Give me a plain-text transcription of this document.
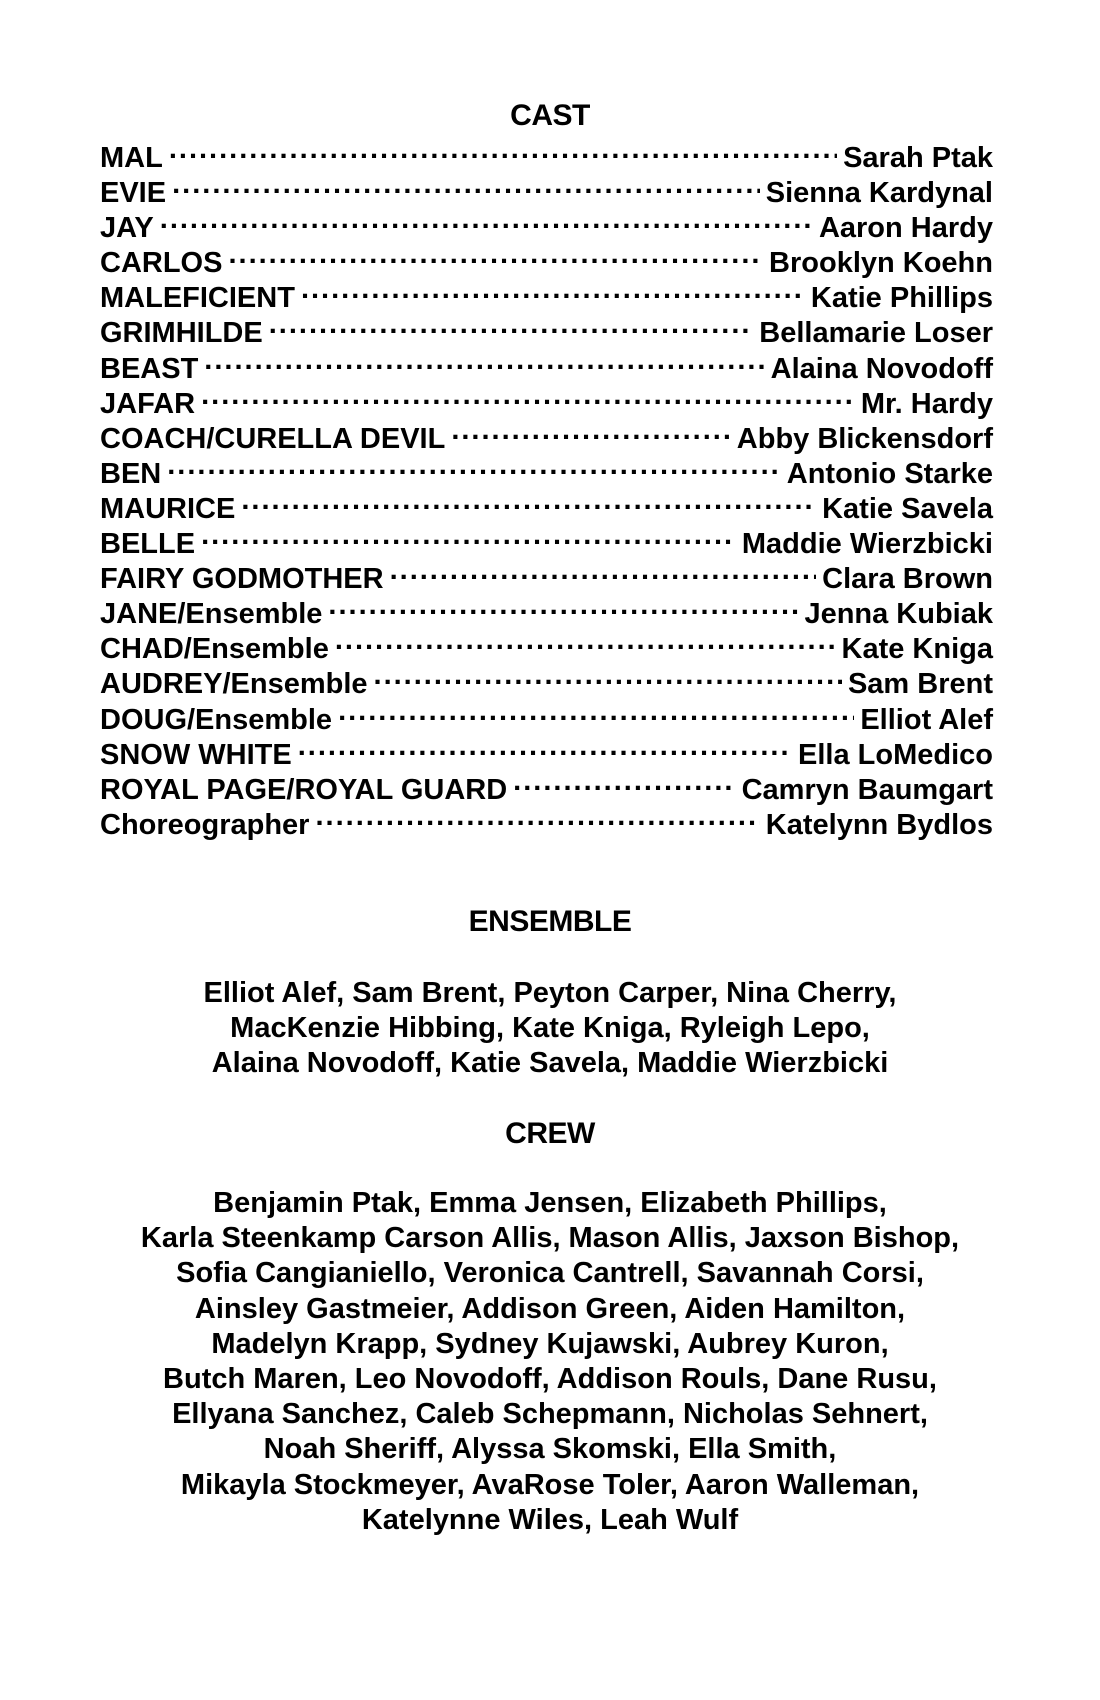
CAST
MAL .....	Sarah Ptak
EVIE .....	Sienna Kardynal
JAY .....	Aaron Hardy
CARLOS .....	Brooklyn Koehn
MALEFICIENT .....	Katie Phillips
GRIMHILDE .....	Bellamarie Loser
BEAST .....	Alaina Novodoff
JAFAR .....	Mr. Hardy
COACH/CURELLA DEVIL .....	Abby Blickensdorf
BEN .....	Antonio Starke
MAURICE .....	Katie Savela
BELLE .....	Maddie Wierzbicki
FAIRY GODMOTHER .....	Clara Brown
JANE/Ensemble .....	Jenna Kubiak
CHAD/Ensemble .....	Kate Kniga
AUDREY/Ensemble .....	Sam Brent
DOUG/Ensemble .....	Elliot Alef
SNOW WHITE .....	Ella LoMedico
ROYAL PAGE/ROYAL GUARD .....	Camryn Baumgart
Choreographer .....	Katelynn Bydlos
ENSEMBLE
Elliot Alef, Sam Brent, Peyton Carper, Nina Cherry,
MacKenzie Hibbing, Kate Kniga, Ryleigh Lepo,
Alaina Novodoff, Katie Savela, Maddie Wierzbicki
CREW
Benjamin Ptak, Emma Jensen, Elizabeth Phillips,
Karla Steenkamp Carson Allis, Mason Allis, Jaxson Bishop,
Sofia Cangianiello, Veronica Cantrell, Savannah Corsi,
Ainsley Gastmeier, Addison Green, Aiden Hamilton,
Madelyn Krapp, Sydney Kujawski, Aubrey Kuron,
Butch Maren, Leo Novodoff, Addison Rouls, Dane Rusu,
Ellyana Sanchez, Caleb Schepmann, Nicholas Sehnert,
Noah Sheriff, Alyssa Skomski, Ella Smith,
Mikayla Stockmeyer, AvaRose Toler, Aaron Walleman,
Katelynne Wiles, Leah Wulf
